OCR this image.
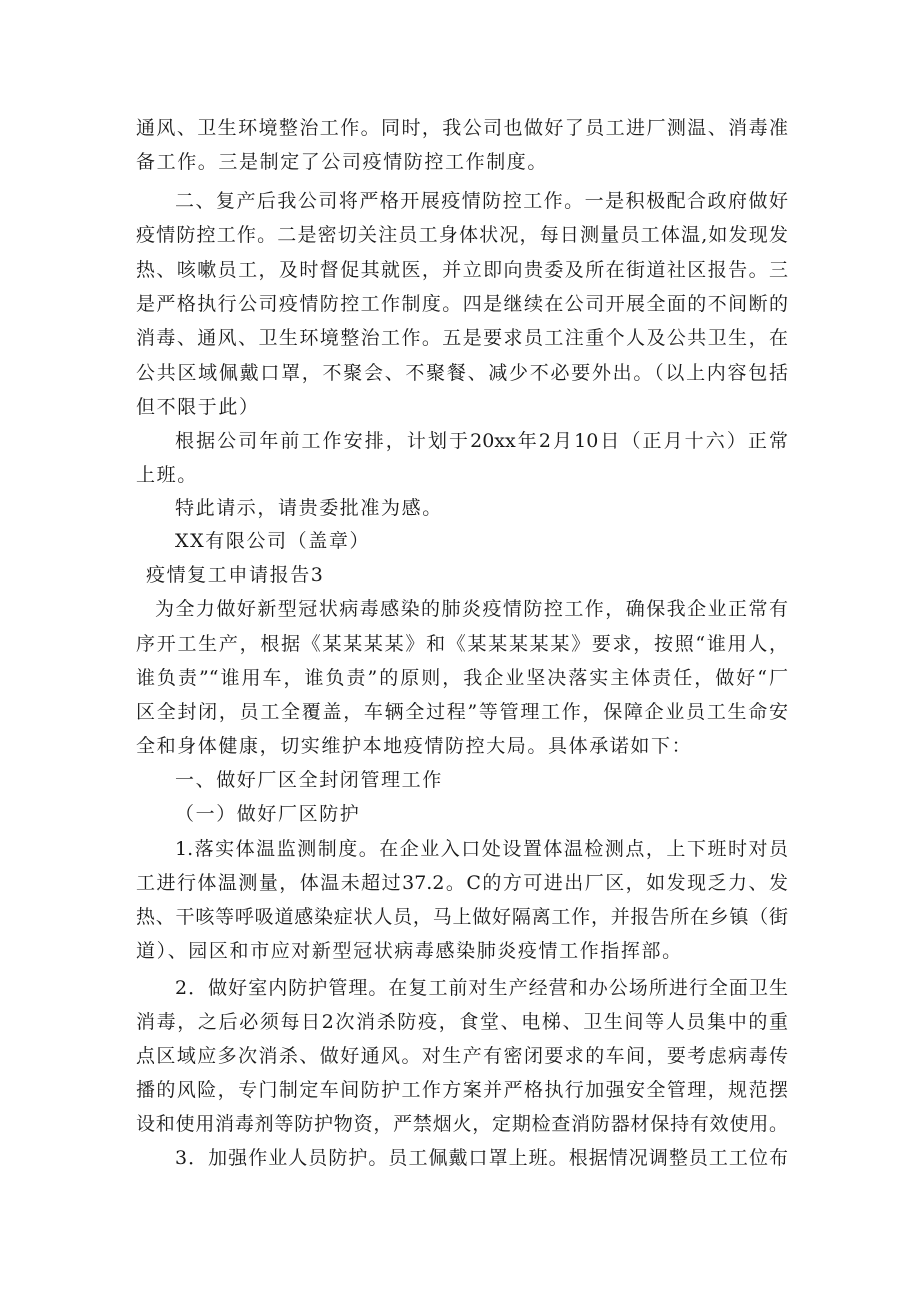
通风、卫生环境整治工作。同时，我公司也做好了员工进厂测温、消毒准
备工作。三是制定了公司疫情防控工作制度。
二、复产后我公司将严格开展疫情防控工作。一是积极配合政府做好
疫情防控工作。二是密切关注员工身体状况，每日测量员工体温,如发现发
热、咳嗽员工，及时督促其就医，并立即向贵委及所在街道社区报告。三
是严格执行公司疫情防控工作制度。四是继续在公司开展全面的不间断的
消毒、通风、卫生环境整治工作。五是要求员工注重个人及公共卫生，在
公共区域佩戴口罩，不聚会、不聚餐、减少不必要外出。（以上内容包括
但不限于此）
根据公司年前工作安排，计划于20xx年2月10日（正月十六）正常
上班。
特此请示，请贵委批准为感。
XX有限公司（盖章）
疫情复工申请报告3
为全力做好新型冠状病毒感染的肺炎疫情防控工作，确保我企业正常有
序开工生产，根据《某某某某》和《某某某某某》要求，按照“谁用人，
谁负责”“谁用车，谁负责”的原则，我企业坚决落实主体责任，做好“厂
区全封闭，员工全覆盖，车辆全过程”等管理工作，保障企业员工生命安
全和身体健康，切实维护本地疫情防控大局。具体承诺如下：
一、做好厂区全封闭管理工作
（一）做好厂区防护
1.落实体温监测制度。在企业入口处设置体温检测点，上下班时对员
工进行体温测量，体温未超过37.2。C的方可进出厂区，如发现乏力、发
热、干咳等呼吸道感染症状人员，马上做好隔离工作，并报告所在乡镇（街
道）、园区和市应对新型冠状病毒感染肺炎疫情工作指挥部。
2．做好室内防护管理。在复工前对生产经营和办公场所进行全面卫生
消毒，之后必须每日2次消杀防疫，食堂、电梯、卫生间等人员集中的重
点区域应多次消杀、做好通风。对生产有密闭要求的车间，要考虑病毒传
播的风险，专门制定车间防护工作方案并严格执行加强安全管理，规范摆
设和使用消毒剂等防护物资，严禁烟火，定期检查消防器材保持有效使用。
3．加强作业人员防护。员工佩戴口罩上班。根据情况调整员工工位布
